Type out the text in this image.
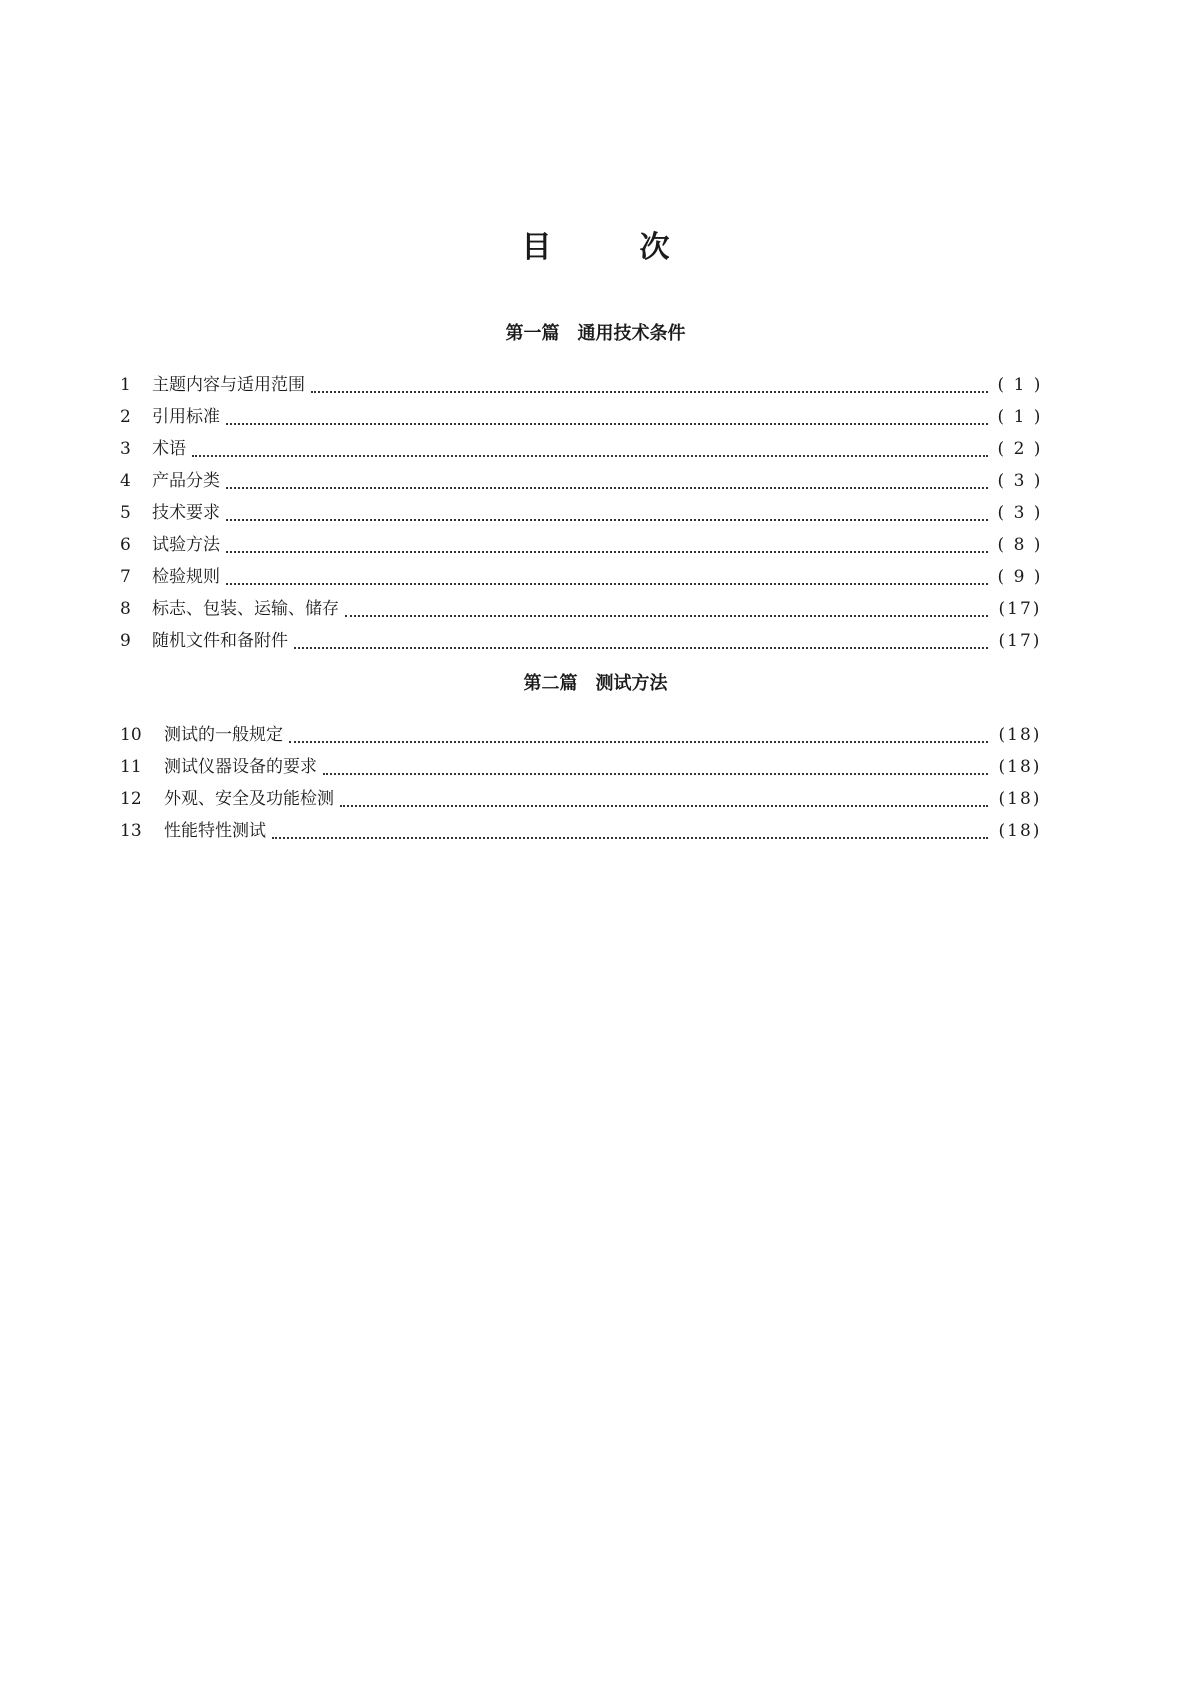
目次
第一篇　通用技术条件
1	主题内容与适用范围	( 1 )
2	引用标准	( 1 )
3	术语	( 2 )
4	产品分类	( 3 )
5	技术要求	( 3 )
6	试验方法	( 8 )
7	检验规则	( 9 )
8	标志、包装、运输、储存	(17)
9	随机文件和备附件	(17)
第二篇　测试方法
10	测试的一般规定	(18)
11	测试仪器设备的要求	(18)
12	外观、安全及功能检测	(18)
13	性能特性测试	(18)
